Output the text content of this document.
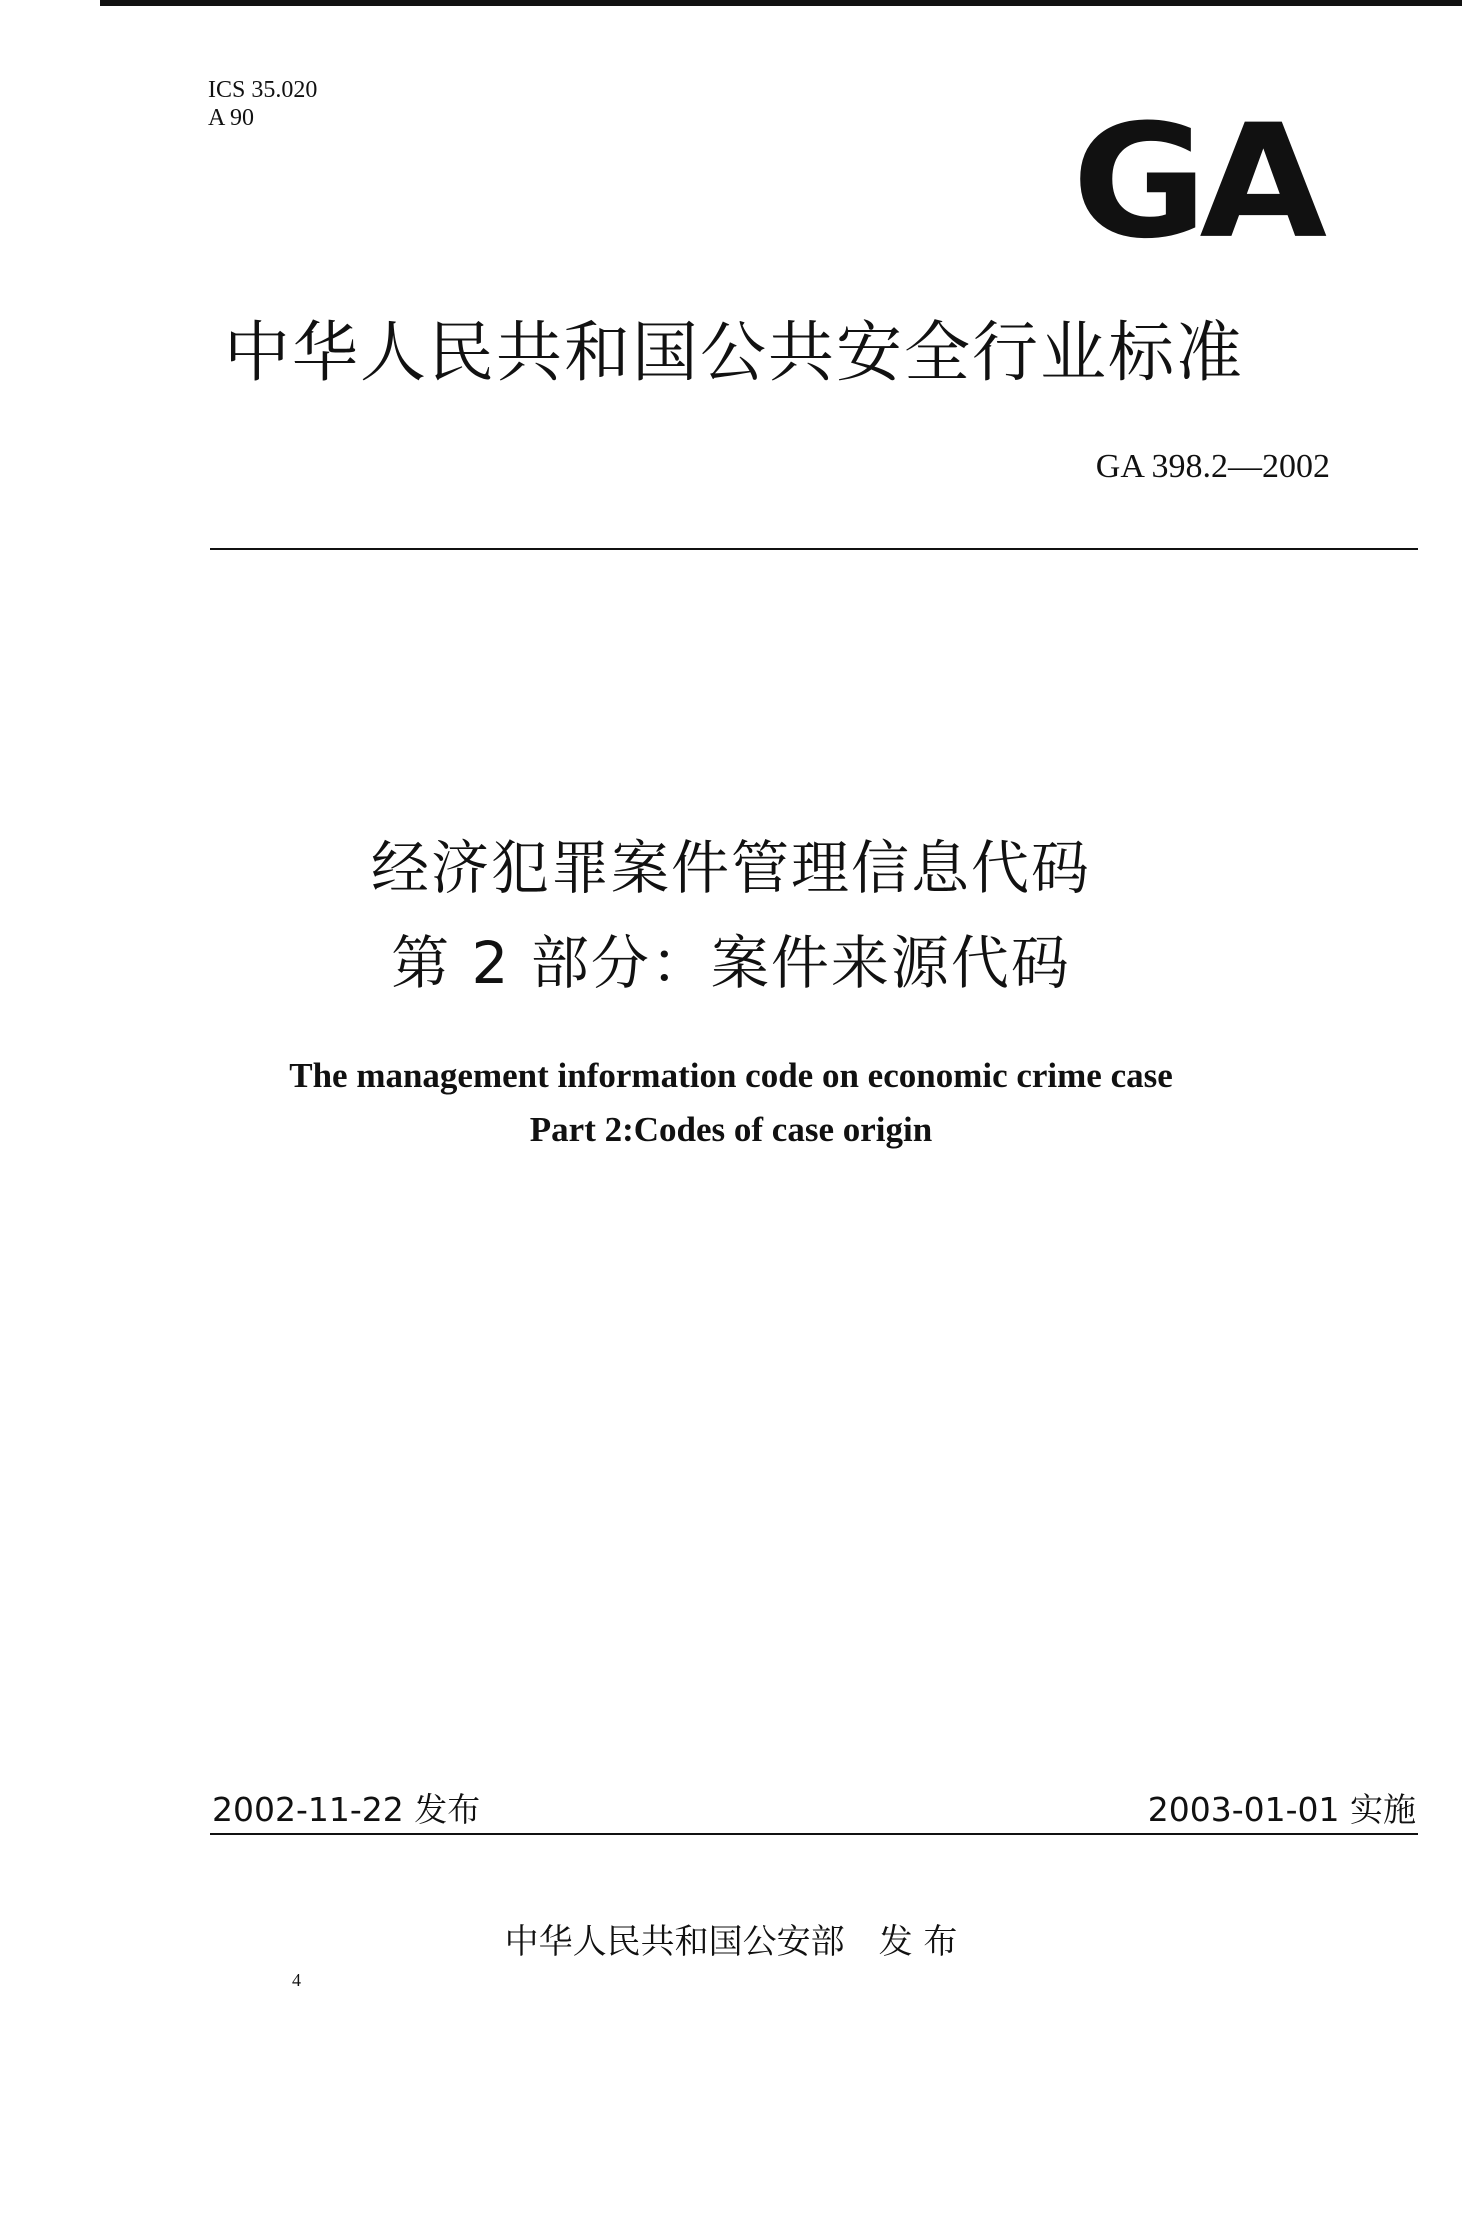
ICS 35.020
A 90	GA
中华人民共和国公共安全行业标准
GA 398.2—2002
经济犯罪案件管理信息代码
第 2 部分：案件来源代码
The management information code on economic crime case
Part 2:Codes of case origin
2002-11-22 发布	2003-01-01 实施
中华人民共和国公安部　发 布
4
